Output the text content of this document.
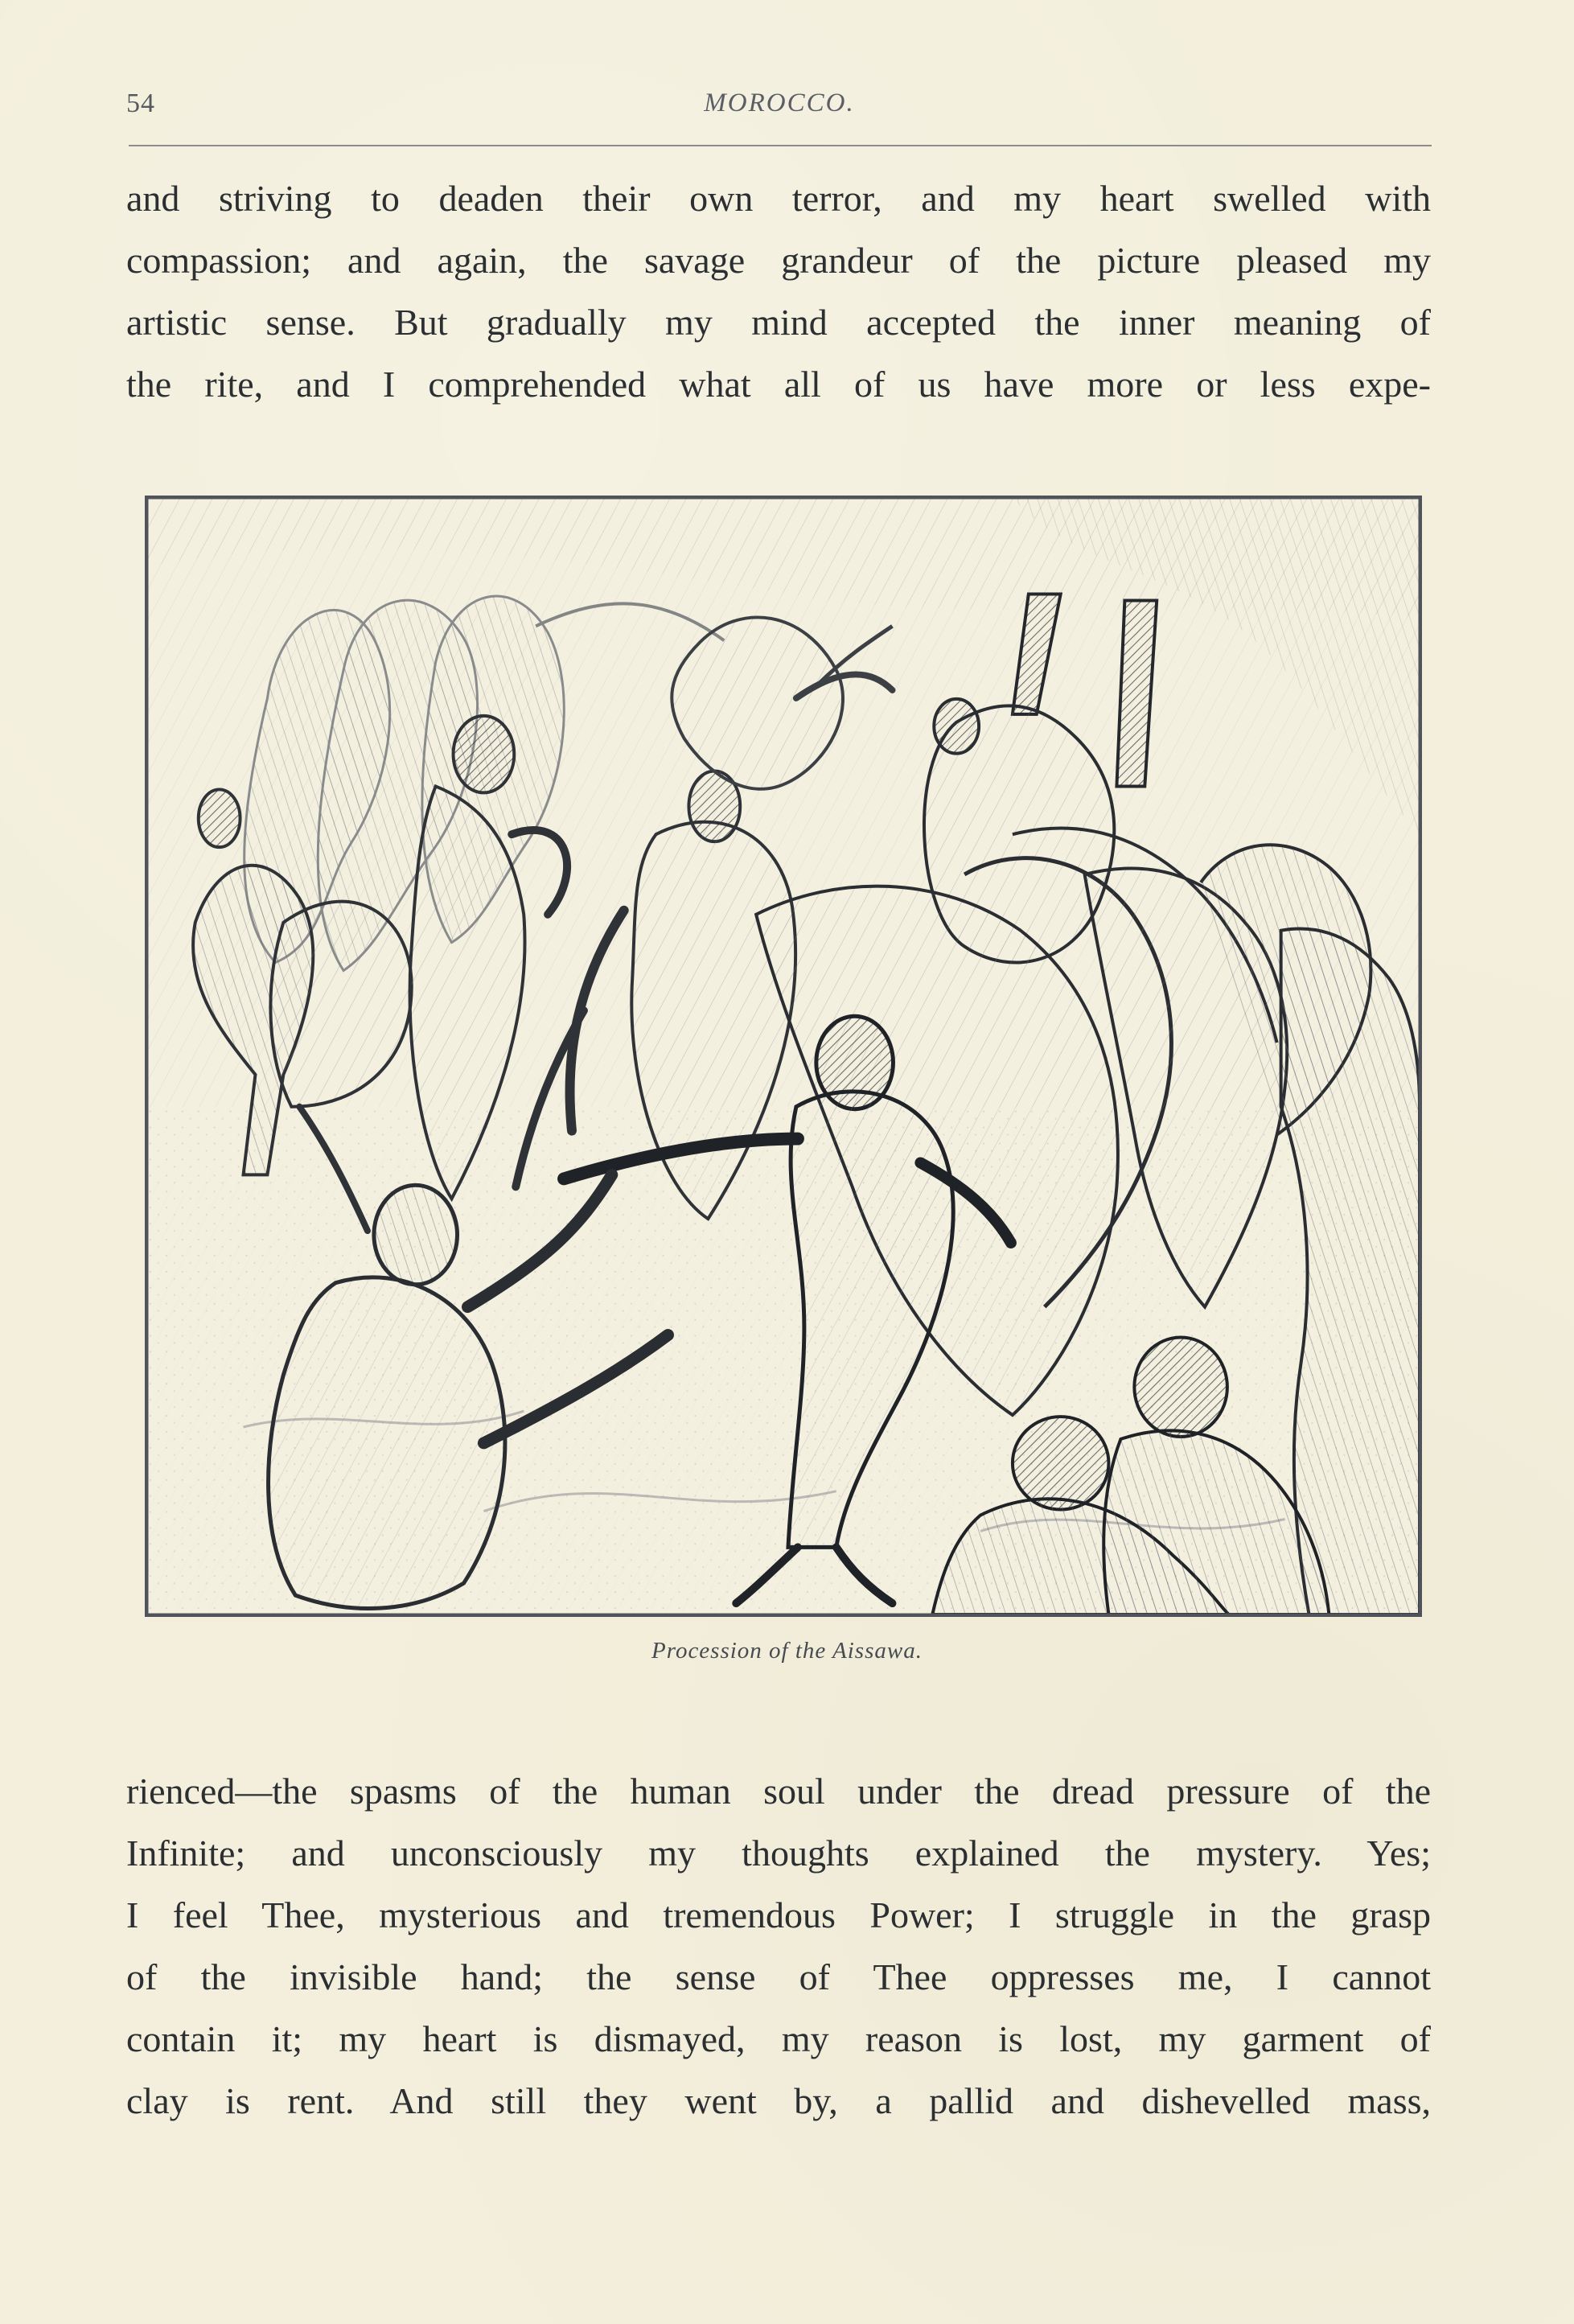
54	MOROCCO.
and striving to deaden their own terror, and my heart swelled with
compassion; and again, the savage grandeur of the picture pleased my
artistic sense. But gradually my mind accepted the inner meaning of
the rite, and I comprehended what all of us have more or less expe-
Procession of the Aissawa.
rienced—the spasms of the human soul under the dread pressure of the
Infinite; and unconsciously my thoughts explained the mystery. Yes;
I feel Thee, mysterious and tremendous Power; I struggle in the grasp
of the invisible hand; the sense of Thee oppresses me, I cannot
contain it; my heart is dismayed, my reason is lost, my garment of
clay is rent. And still they went by, a pallid and dishevelled mass,
